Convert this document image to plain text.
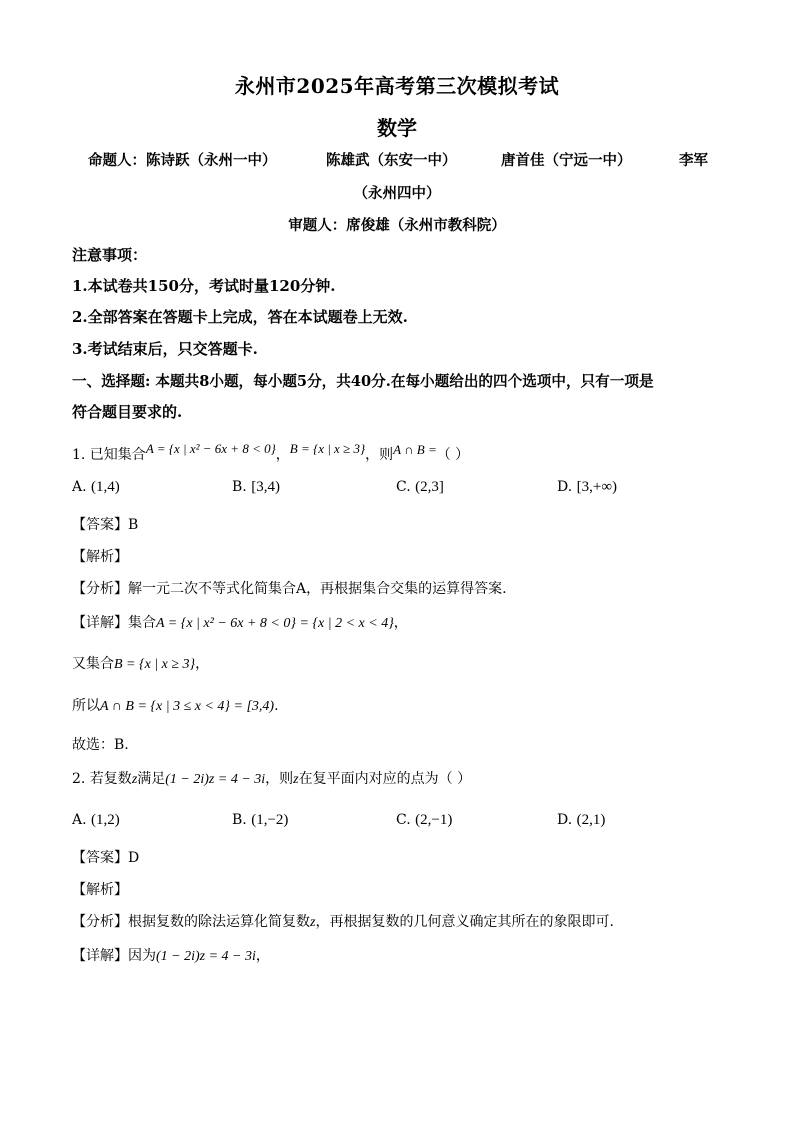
永州市2025年高考第三次模拟考试
数学
命题人：陈诗跃（永州一中）	陈雄武（东安一中）	唐首佳（宁远一中）	李军
（永州四中）
审题人：席俊雄（永州市教科院）
注意事项：
1.本试卷共150分，考试时量120分钟.
2.全部答案在答题卡上完成，答在本试题卷上无效.
3.考试结束后，只交答题卡.
一、选择题: 本题共8小题，每小题5分，共40分.在每小题给出的四个选项中，只有一项是
符合题目要求的.
1. 已知集合A = {x | x² − 6x + 8 < 0}，B = {x | x ≥ 3}，则A ∩ B =（ ）
A. (1,4)	B. [3,4)	C. (2,3]	D. [3,+∞)
【答案】B
【解析】
【分析】解一元二次不等式化简集合A，再根据集合交集的运算得答案.
【详解】集合A = {x | x² − 6x + 8 < 0} = {x | 2 < x < 4}，
又集合B = {x | x ≥ 3}，
所以A ∩ B = {x | 3 ≤ x < 4} = [3,4).
故选：B.
2. 若复数z满足(1 − 2i)z = 4 − 3i，则z在复平面内对应的点为（ ）
A. (1,2)	B. (1,−2)	C. (2,−1)	D. (2,1)
【答案】D
【解析】
【分析】根据复数的除法运算化简复数z，再根据复数的几何意义确定其所在的象限即可.
【详解】因为(1 − 2i)z = 4 − 3i，
